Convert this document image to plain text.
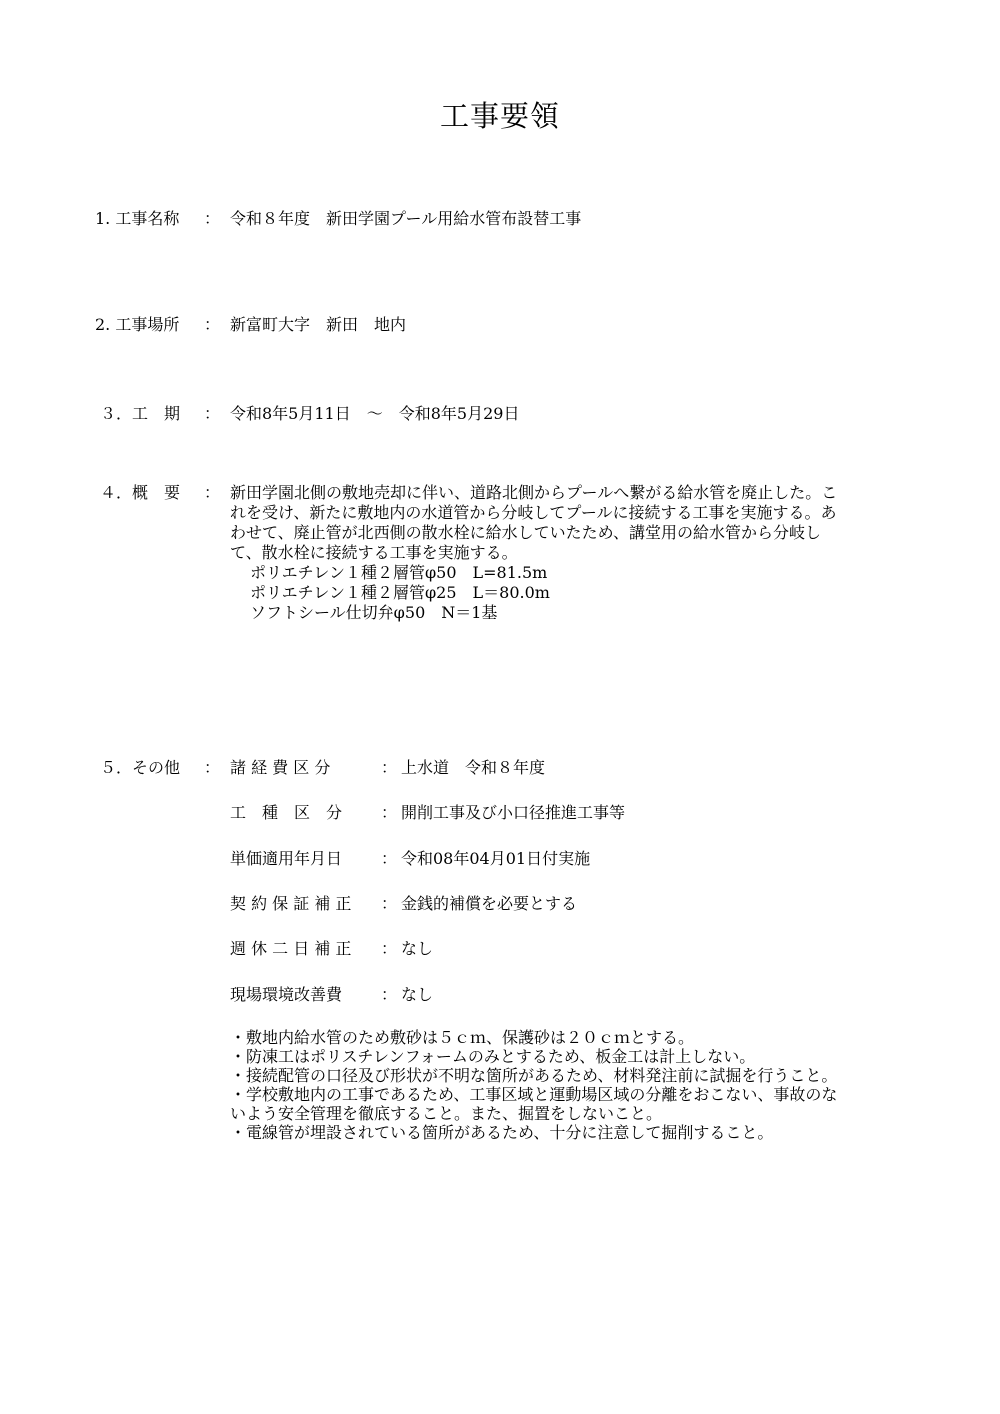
工事要領
1. 工事名称	： 令和８年度　新田学園プール用給水管布設替工事
2. 工事場所	： 新富町大字　新田　地内
３．工　期	： 令和8年5月11日　～　令和8年5月29日
４．概　要	： 新田学園北側の敷地売却に伴い、道路北側からプールへ繋がる給水管を廃止した。こ
れを受け、新たに敷地内の水道管から分岐してプールに接続する工事を実施する。あ
わせて、廃止管が北西側の散水栓に給水していたため、講堂用の給水管から分岐し
て、散水栓に接続する工事を実施する。
ポリエチレン１種２層管φ50　L=81.5m
ポリエチレン１種２層管φ25　L＝80.0m
ソフトシール仕切弁φ50　N＝1基
５．その他	： 諸 経 費 区 分	： 上水道　令和８年度
工　種　区　分	： 開削工事及び小口径推進工事等
単価適用年月日	： 令和08年04月01日付実施
契 約 保 証 補 正	： 金銭的補償を必要とする
週 休 二 日 補 正	： なし
現場環境改善費	： なし
・敷地内給水管のため敷砂は５ｃｍ、保護砂は２０ｃｍとする。
・防凍工はポリスチレンフォームのみとするため、板金工は計上しない。
・接続配管の口径及び形状が不明な箇所があるため、材料発注前に試掘を行うこと。
・学校敷地内の工事であるため、工事区域と運動場区域の分離をおこない、事故のな
いよう安全管理を徹底すること。また、掘置をしないこと。
・電線管が埋設されている箇所があるため、十分に注意して掘削すること。
